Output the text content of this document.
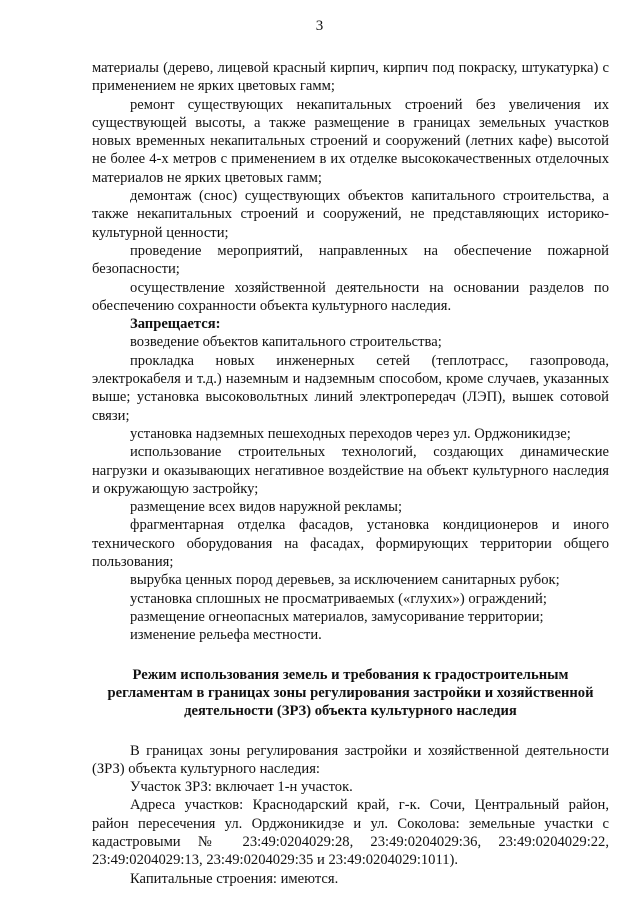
3

материалы (дерево, лицевой красный кирпич, кирпич под покраску, штукатурка) с применением не ярких цветовых гамм;

ремонт существующих некапитальных строений без увеличения их существующей высоты, а также размещение в границах земельных участков новых временных некапитальных строений и сооружений (летних кафе) высотой не более 4-х метров с применением в их отделке высококачественных отделочных материалов не ярких цветовых гамм;

демонтаж (снос) существующих объектов капитального строительства, а также некапитальных строений и сооружений, не представляющих историко-культурной ценности;

проведение мероприятий, направленных на обеспечение пожарной безопасности;

осуществление хозяйственной деятельности на основании разделов по обеспечению сохранности объекта культурного наследия.

Запрещается:

возведение объектов капитального строительства;

прокладка новых инженерных сетей (теплотрасс, газопровода, электрокабеля и т.д.) наземным и надземным способом, кроме случаев, указанных выше; установка высоковольтных линий электропередач (ЛЭП), вышек сотовой связи;

установка надземных пешеходных переходов через ул. Орджоникидзе;

использование строительных технологий, создающих динамические нагрузки и оказывающих негативное воздействие на объект культурного наследия и окружающую застройку;

размещение всех видов наружной рекламы;

фрагментарная отделка фасадов, установка кондиционеров и иного технического оборудования на фасадах, формирующих территории общего пользования;

вырубка ценных пород деревьев, за исключением санитарных рубок;

установка сплошных не просматриваемых («глухих») ограждений;

размещение огнеопасных материалов, замусоривание территории;

изменение рельефа местности.

Режим использования земель и требования к градостроительным
регламентам в границах зоны регулирования застройки и хозяйственной
деятельности (ЗРЗ) объекта культурного наследия

В границах зоны регулирования застройки и хозяйственной деятельности (ЗРЗ) объекта культурного наследия:

Участок ЗРЗ: включает 1-н участок.

Адреса участков: Краснодарский край, г-к. Сочи, Центральный район, район пересечения ул. Орджоникидзе и ул. Соколова: земельные участки с кадастровыми № 23:49:0204029:28, 23:49:0204029:36, 23:49:0204029:22, 23:49:0204029:13, 23:49:0204029:35 и 23:49:0204029:1011).

Капитальные строения: имеются.
